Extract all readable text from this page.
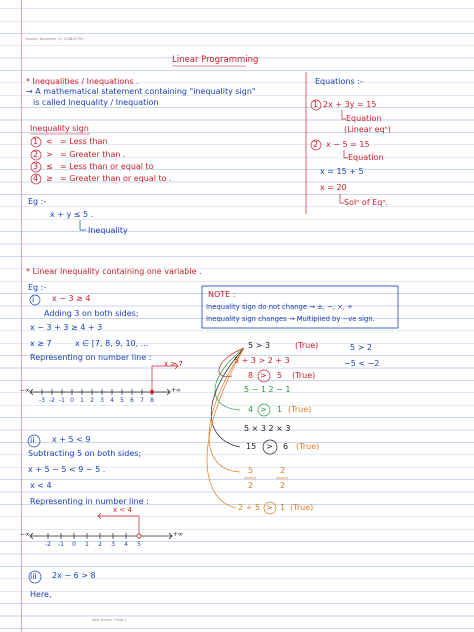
Tuesday, November 10, 2020
8:52 PM
Linear Programming
* Inequalities / Inequations .
→ A mathematical statement containing "inequality sign"
is called Inequality / Inequation
Inequality sign
1 < = Less than
2 > = Greater than .
3 ≤ = Less than or equal to
4 ≥ = Greater than or equal to .
Eg :-
x + y ≤ 5 .
Inequality
Equations :-
1 2x + 3y = 15
Equation
(Linear eqⁿ)
2 x − 5 = 15
Equation
x = 15 + 5
x = 20
Solⁿ of Eqⁿ.
* Linear Inequality containing one variable .
Eg :-
i x − 3 ≥ 4
Adding 3 on both sides;
x − 3 + 3 ≥ 4 + 3
x ≥ 7	x ∈ [7, 8, 9, 10, ...
Representing on number line :
x ≥ 7
ii x + 5 < 9
Subtracting 5 on both sides;
x + 5 − 5 < 9 − 5 .
x < 4
Representing in number line :
x < 4
iii 2x − 6 > 8
Here,
NOTE :
Inequality sign do not change → ±, −, ×, ÷
Inequality sign changes → Multiplied by −ve sign.
5 > 3	(True)
5 + 3 > 2 + 3
8 > 5 (True)
5 − 1 2 − 1
4 > 1 (True)
5 × 3 2 × 3
15 > 6 (True)
5
2
2
2
2 ÷ 5 > 1 (True)
5 > 2
−5 < −2
New Section 3 Page 1
-3 -2 -1 0 1 2 3 4 5 6 7 8
-2 -1 0 1 2 3 4 5
−∞	+∞
−∞	+∞
